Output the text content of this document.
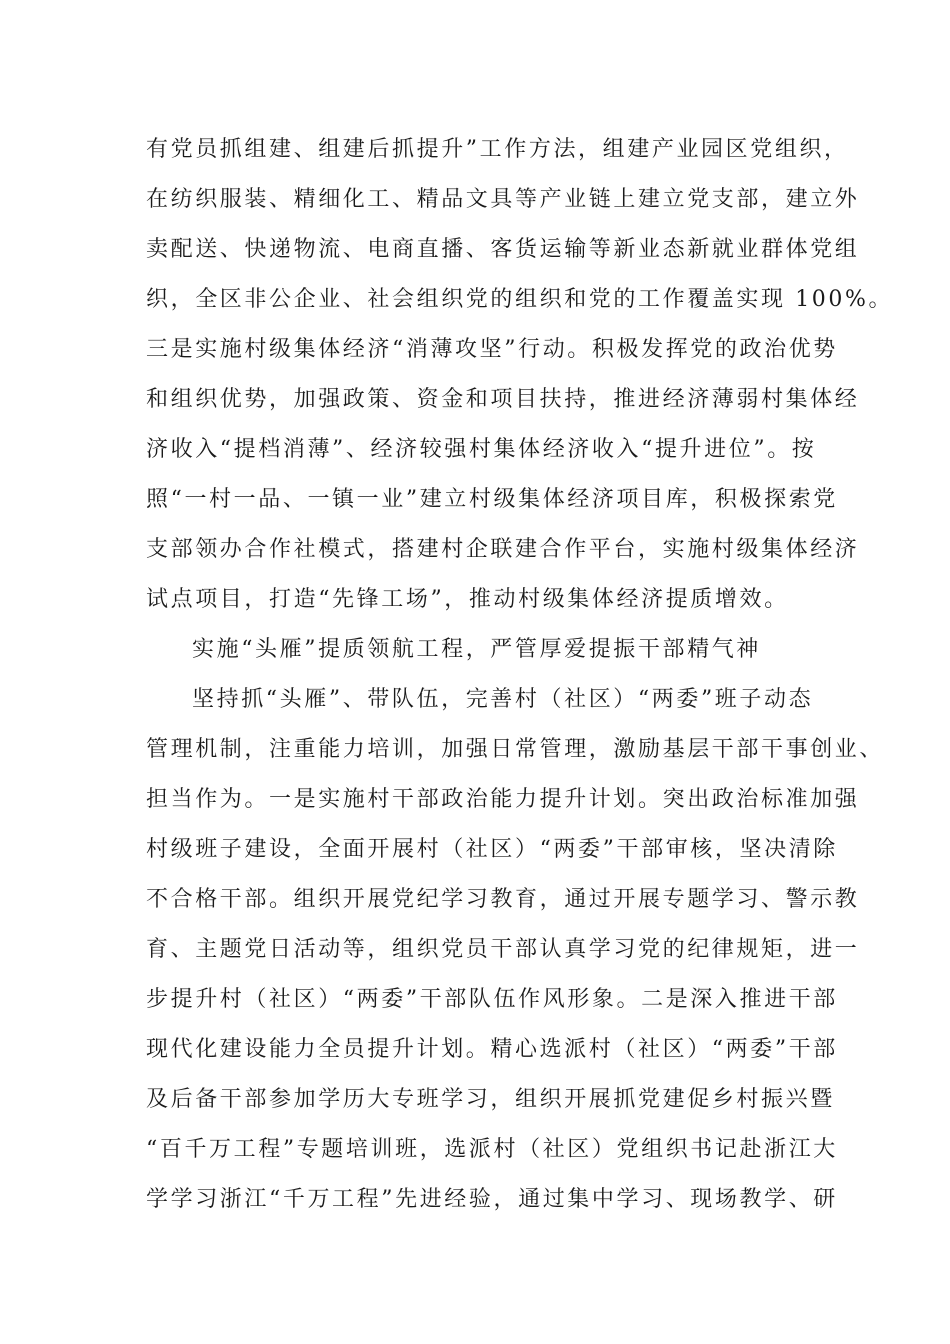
有党员抓组建、组建后抓提升”工作方法，组建产业园区党组织，
在纺织服装、精细化工、精品文具等产业链上建立党支部，建立外
卖配送、快递物流、电商直播、客货运输等新业态新就业群体党组
织，全区非公企业、社会组织党的组织和党的工作覆盖实现 100%。
三是实施村级集体经济“消薄攻坚”行动。积极发挥党的政治优势
和组织优势，加强政策、资金和项目扶持，推进经济薄弱村集体经
济收入“提档消薄”、经济较强村集体经济收入“提升进位”。按
照“一村一品、一镇一业”建立村级集体经济项目库，积极探索党
支部领办合作社模式，搭建村企联建合作平台，实施村级集体经济
试点项目，打造“先锋工场”，推动村级集体经济提质增效。
实施“头雁”提质领航工程，严管厚爱提振干部精气神
坚持抓“头雁”、带队伍，完善村（社区）“两委”班子动态
管理机制，注重能力培训，加强日常管理，激励基层干部干事创业、
担当作为。一是实施村干部政治能力提升计划。突出政治标准加强
村级班子建设，全面开展村（社区）“两委”干部审核，坚决清除
不合格干部。组织开展党纪学习教育，通过开展专题学习、警示教
育、主题党日活动等，组织党员干部认真学习党的纪律规矩，进一
步提升村（社区）“两委”干部队伍作风形象。二是深入推进干部
现代化建设能力全员提升计划。精心选派村（社区）“两委”干部
及后备干部参加学历大专班学习，组织开展抓党建促乡村振兴暨
“百千万工程”专题培训班，选派村（社区）党组织书记赴浙江大
学学习浙江“千万工程”先进经验，通过集中学习、现场教学、研
